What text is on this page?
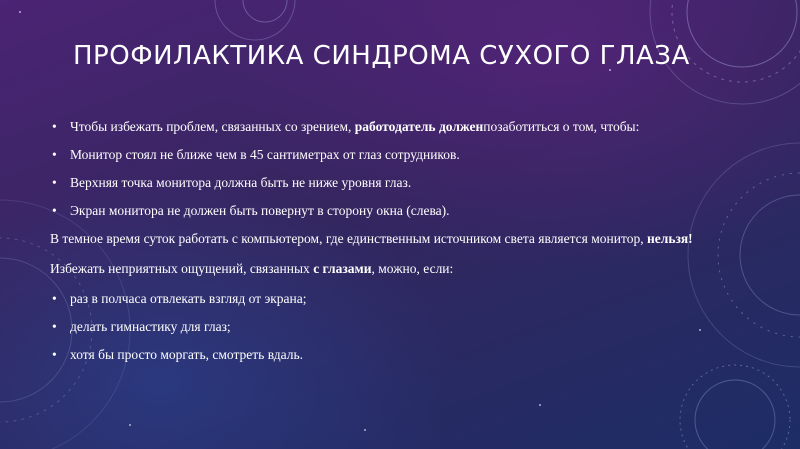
ПРОФИЛАКТИКА СИНДРОМА СУХОГО ГЛАЗА

• Чтобы избежать проблем, связанных со зрением, работодатель долженпозаботиться о том, чтобы:

• Монитор стоял не ближе чем в 45 сантиметрах от глаз сотрудников.

• Верхняя точка монитора должна быть не ниже уровня глаз.

• Экран монитора не должен быть повернут в сторону окна (слева).

В темное время суток работать с компьютером, где единственным источником света является монитор, нельзя!

Избежать неприятных ощущений, связанных с глазами, можно, если:

• раз в полчаса отвлекать взгляд от экрана;

• делать гимнастику для глаз;

• хотя бы просто моргать, смотреть вдаль.
